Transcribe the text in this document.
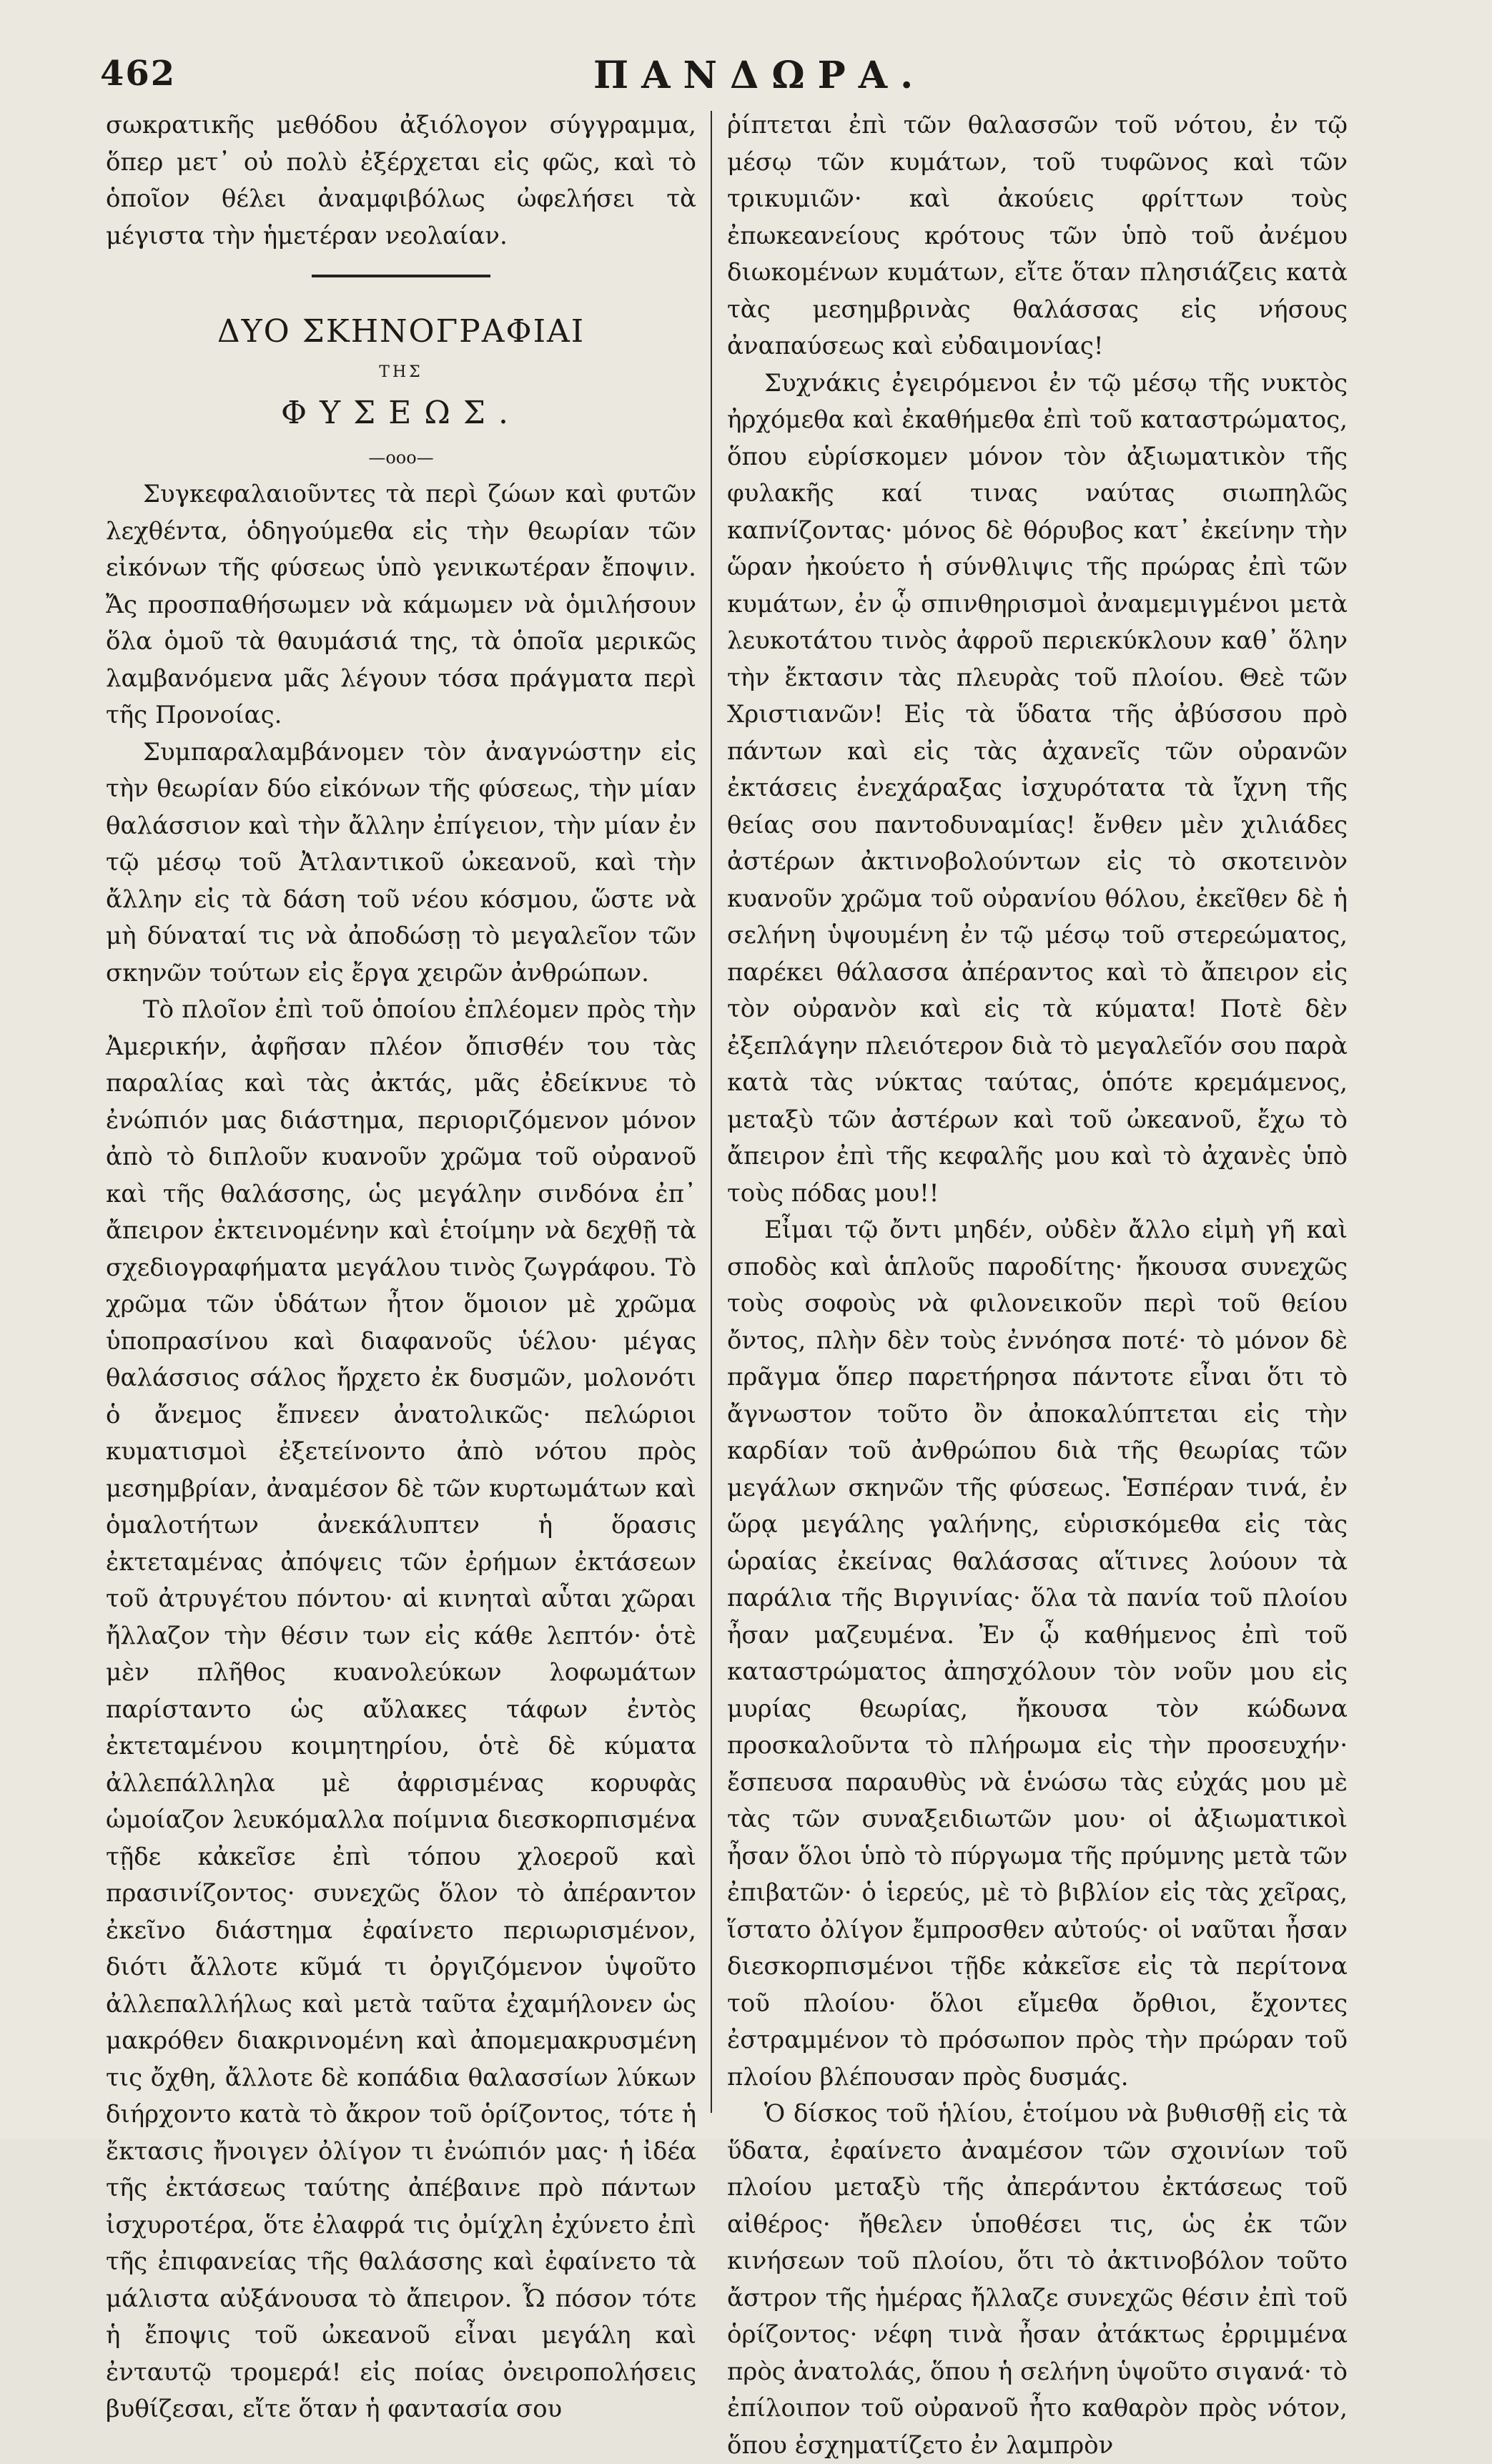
462	ΠΑΝΔΩΡΑ.

σωκρατικῆς μεθόδου ἀξιόλογον σύγγραμμα, ὅπερ μετ᾽ οὐ πολὺ ἐξέρχεται εἰς φῶς, καὶ τὸ ὁποῖον θέλει ἀναμφιβόλως ὠφελήσει τὰ μέγιστα τὴν ἡμετέραν νεολαίαν.

ΔΥΟ ΣΚΗΝΟΓΡΑΦΙΑΙ

ΤΗΣ

ΦΥΣΕΩΣ.

—ooo—

Συγκεφαλαιοῦντες τὰ περὶ ζώων καὶ φυτῶν λεχθέντα, ὁδηγούμεθα εἰς τὴν θεωρίαν τῶν εἰκόνων τῆς φύσεως ὑπὸ γενικωτέραν ἔποψιν. Ἄς προσπαθήσωμεν νὰ κάμωμεν νὰ ὁμιλήσουν ὅλα ὁμοῦ τὰ θαυμάσιά της, τὰ ὁποῖα μερικῶς λαμβανόμενα μᾶς λέγουν τόσα πράγματα περὶ τῆς Προνοίας.

Συμπαραλαμβάνομεν τὸν ἀναγνώστην εἰς τὴν θεωρίαν δύο εἰκόνων τῆς φύσεως, τὴν μίαν θαλάσσιον καὶ τὴν ἄλλην ἐπίγειον, τὴν μίαν ἐν τῷ μέσῳ τοῦ Ἀτλαντικοῦ ὠκεανοῦ, καὶ τὴν ἄλλην εἰς τὰ δάση τοῦ νέου κόσμου, ὥστε νὰ μὴ δύναταί τις νὰ ἀποδώσῃ τὸ μεγαλεῖον τῶν σκηνῶν τούτων εἰς ἔργα χειρῶν ἀνθρώπων.

Τὸ πλοῖον ἐπὶ τοῦ ὁποίου ἐπλέομεν πρὸς τὴν Ἀμερικήν, ἀφῆσαν πλέον ὄπισθέν του τὰς παραλίας καὶ τὰς ἀκτάς, μᾶς ἐδείκνυε τὸ ἐνώπιόν μας διάστημα, περιοριζόμενον μόνον ἀπὸ τὸ διπλοῦν κυανοῦν χρῶμα τοῦ οὐρανοῦ καὶ τῆς θαλάσσης, ὡς μεγάλην σινδόνα ἐπ᾽ ἄπειρον ἐκτεινομένην καὶ ἑτοίμην νὰ δεχθῇ τὰ σχεδιογραφήματα μεγάλου τινὸς ζωγράφου. Τὸ χρῶμα τῶν ὑδάτων ἦτον ὅμοιον μὲ χρῶμα ὑποπρασίνου καὶ διαφανοῦς ὑέλου· μέγας θαλάσσιος σάλος ἤρχετο ἐκ δυσμῶν, μολονότι ὁ ἄνεμος ἔπνεεν ἀνατολικῶς· πελώριοι κυματισμοὶ ἐξετείνοντο ἀπὸ νότου πρὸς μεσημβρίαν, ἀναμέσον δὲ τῶν κυρτωμάτων καὶ ὁμαλοτήτων ἀνεκάλυπτεν ἡ ὅρασις ἐκτεταμένας ἀπόψεις τῶν ἐρήμων ἐκτάσεων τοῦ ἀτρυγέτου πόντου· αἱ κινηταὶ αὗται χῶραι ἤλλαζον τὴν θέσιν των εἰς κάθε λεπτόν· ὁτὲ μὲν πλῆθος κυανολεύκων λοφωμάτων παρίσταντο ὡς αὔλακες τάφων ἐντὸς ἐκτεταμένου κοιμητηρίου, ὁτὲ δὲ κύματα ἀλλεπάλληλα μὲ ἀφρισμένας κορυφὰς ὡμοίαζον λευκόμαλλα ποίμνια διεσκορπισμένα τῇδε κἀκεῖσε ἐπὶ τόπου χλοεροῦ καὶ πρασινίζοντος· συνεχῶς ὅλον τὸ ἀπέραντον ἐκεῖνο διάστημα ἐφαίνετο περιωρισμένον, διότι ἄλλοτε κῦμά τι ὀργιζόμενον ὑψοῦτο ἀλλεπαλλήλως καὶ μετὰ ταῦτα ἐχαμήλονεν ὡς μακρόθεν διακρινομένη καὶ ἀπομεμακρυσμένη τις ὄχθη, ἄλλοτε δὲ κοπάδια θαλασσίων λύκων διήρχοντο κατὰ τὸ ἄκρον τοῦ ὁρίζοντος, τότε ἡ ἔκτασις ἤνοιγεν ὀλίγον τι ἐνώπιόν μας· ἡ ἰδέα τῆς ἐκτάσεως ταύτης ἀπέβαινε πρὸ πάντων ἰσχυροτέρα, ὅτε ἐλαφρά τις ὀμίχλη ἐχύνετο ἐπὶ τῆς ἐπιφανείας τῆς θαλάσσης καὶ ἐφαίνετο τὰ μάλιστα αὐξάνουσα τὸ ἄπειρον. Ὦ πόσον τότε ἡ ἔποψις τοῦ ὠκεανοῦ εἶναι μεγάλη καὶ ἐνταυτῷ τρομερά! εἰς ποίας ὀνειροπολήσεις βυθίζεσαι, εἴτε ὅταν ἡ φαντασία σου

ῥίπτεται ἐπὶ τῶν θαλασσῶν τοῦ νότου, ἐν τῷ μέσῳ τῶν κυμάτων, τοῦ τυφῶνος καὶ τῶν τρικυμιῶν· καὶ ἀκούεις φρίττων τοὺς ἐπωκεανείους κρότους τῶν ὑπὸ τοῦ ἀνέμου διωκομένων κυμάτων, εἴτε ὅταν πλησιάζεις κατὰ τὰς μεσημβρινὰς θαλάσσας εἰς νήσους ἀναπαύσεως καὶ εὐδαιμονίας!

Συχνάκις ἐγειρόμενοι ἐν τῷ μέσῳ τῆς νυκτὸς ἠρχόμεθα καὶ ἐκαθήμεθα ἐπὶ τοῦ καταστρώματος, ὅπου εὑρίσκομεν μόνον τὸν ἀξιωματικὸν τῆς φυλακῆς καί τινας ναύτας σιωπηλῶς καπνίζοντας· μόνος δὲ θόρυβος κατ᾽ ἐκείνην τὴν ὥραν ἠκούετο ἡ σύνθλιψις τῆς πρώρας ἐπὶ τῶν κυμάτων, ἐν ᾧ σπινθηρισμοὶ ἀναμεμιγμένοι μετὰ λευκοτάτου τινὸς ἀφροῦ περιεκύκλουν καθ᾽ ὅλην τὴν ἔκτασιν τὰς πλευρὰς τοῦ πλοίου. Θεὲ τῶν Χριστιανῶν! Εἰς τὰ ὕδατα τῆς ἀβύσσου πρὸ πάντων καὶ εἰς τὰς ἀχανεῖς τῶν οὐρανῶν ἐκτάσεις ἐνεχάραξας ἰσχυρότατα τὰ ἴχνη τῆς θείας σου παντοδυναμίας! ἔνθεν μὲν χιλιάδες ἀστέρων ἀκτινοβολούντων εἰς τὸ σκοτεινὸν κυανοῦν χρῶμα τοῦ οὐρανίου θόλου, ἐκεῖθεν δὲ ἡ σελήνη ὑψουμένη ἐν τῷ μέσῳ τοῦ στερεώματος, παρέκει θάλασσα ἀπέραντος καὶ τὸ ἄπειρον εἰς τὸν οὐρανὸν καὶ εἰς τὰ κύματα! Ποτὲ δὲν ἐξεπλάγην πλειότερον διὰ τὸ μεγαλεῖόν σου παρὰ κατὰ τὰς νύκτας ταύτας, ὁπότε κρεμάμενος, μεταξὺ τῶν ἀστέρων καὶ τοῦ ὠκεανοῦ, ἔχω τὸ ἄπειρον ἐπὶ τῆς κεφαλῆς μου καὶ τὸ ἀχανὲς ὑπὸ τοὺς πόδας μου!!

Εἶμαι τῷ ὄντι μηδέν, οὐδὲν ἄλλο εἰμὴ γῆ καὶ σποδὸς καὶ ἁπλοῦς παροδίτης· ἤκουσα συνεχῶς τοὺς σοφοὺς νὰ φιλονεικοῦν περὶ τοῦ θείου ὄντος, πλὴν δὲν τοὺς ἐννόησα ποτέ· τὸ μόνον δὲ πρᾶγμα ὅπερ παρετήρησα πάντοτε εἶναι ὅτι τὸ ἄγνωστον τοῦτο ὂν ἀποκαλύπτεται εἰς τὴν καρδίαν τοῦ ἀνθρώπου διὰ τῆς θεωρίας τῶν μεγάλων σκηνῶν τῆς φύσεως. Ἑσπέραν τινά, ἐν ὥρᾳ μεγάλης γαλήνης, εὑρισκόμεθα εἰς τὰς ὡραίας ἐκείνας θαλάσσας αἵτινες λούουν τὰ παράλια τῆς Βιργινίας· ὅλα τὰ πανία τοῦ πλοίου ἦσαν μαζευμένα. Ἐν ᾧ καθήμενος ἐπὶ τοῦ καταστρώματος ἀπησχόλουν τὸν νοῦν μου εἰς μυρίας θεωρίας, ἤκουσα τὸν κώδωνα προσκαλοῦντα τὸ πλήρωμα εἰς τὴν προσευχήν· ἔσπευσα παραυθὺς νὰ ἑνώσω τὰς εὐχάς μου μὲ τὰς τῶν συναξειδιωτῶν μου· οἱ ἀξιωματικοὶ ἦσαν ὅλοι ὑπὸ τὸ πύργωμα τῆς πρύμνης μετὰ τῶν ἐπιβατῶν· ὁ ἱερεύς, μὲ τὸ βιβλίον εἰς τὰς χεῖρας, ἵστατο ὀλίγον ἔμπροσθεν αὐτούς· οἱ ναῦται ἦσαν διεσκορπισμένοι τῇδε κἀκεῖσε εἰς τὰ περίτονα τοῦ πλοίου· ὅλοι εἴμεθα ὄρθιοι, ἔχοντες ἐστραμμένον τὸ πρόσωπον πρὸς τὴν πρώραν τοῦ πλοίου βλέπουσαν πρὸς δυσμάς.

Ὁ δίσκος τοῦ ἡλίου, ἑτοίμου νὰ βυθισθῇ εἰς τὰ ὕδατα, ἐφαίνετο ἀναμέσον τῶν σχοινίων τοῦ πλοίου μεταξὺ τῆς ἀπεράντου ἐκτάσεως τοῦ αἰθέρος· ἤθελεν ὑποθέσει τις, ὡς ἐκ τῶν κινήσεων τοῦ πλοίου, ὅτι τὸ ἀκτινοβόλον τοῦτο ἄστρον τῆς ἡμέρας ἤλλαζε συνεχῶς θέσιν ἐπὶ τοῦ ὁρίζοντος· νέφη τινὰ ἦσαν ἀτάκτως ἐρριμμένα πρὸς ἀνατολάς, ὅπου ἡ σελήνη ὑψοῦτο σιγανά· τὸ ἐπίλοιπον τοῦ οὐρανοῦ ἦτο καθαρὸν πρὸς νότον, ὅπου ἐσχηματίζετο ἐν λαμπρὸν
